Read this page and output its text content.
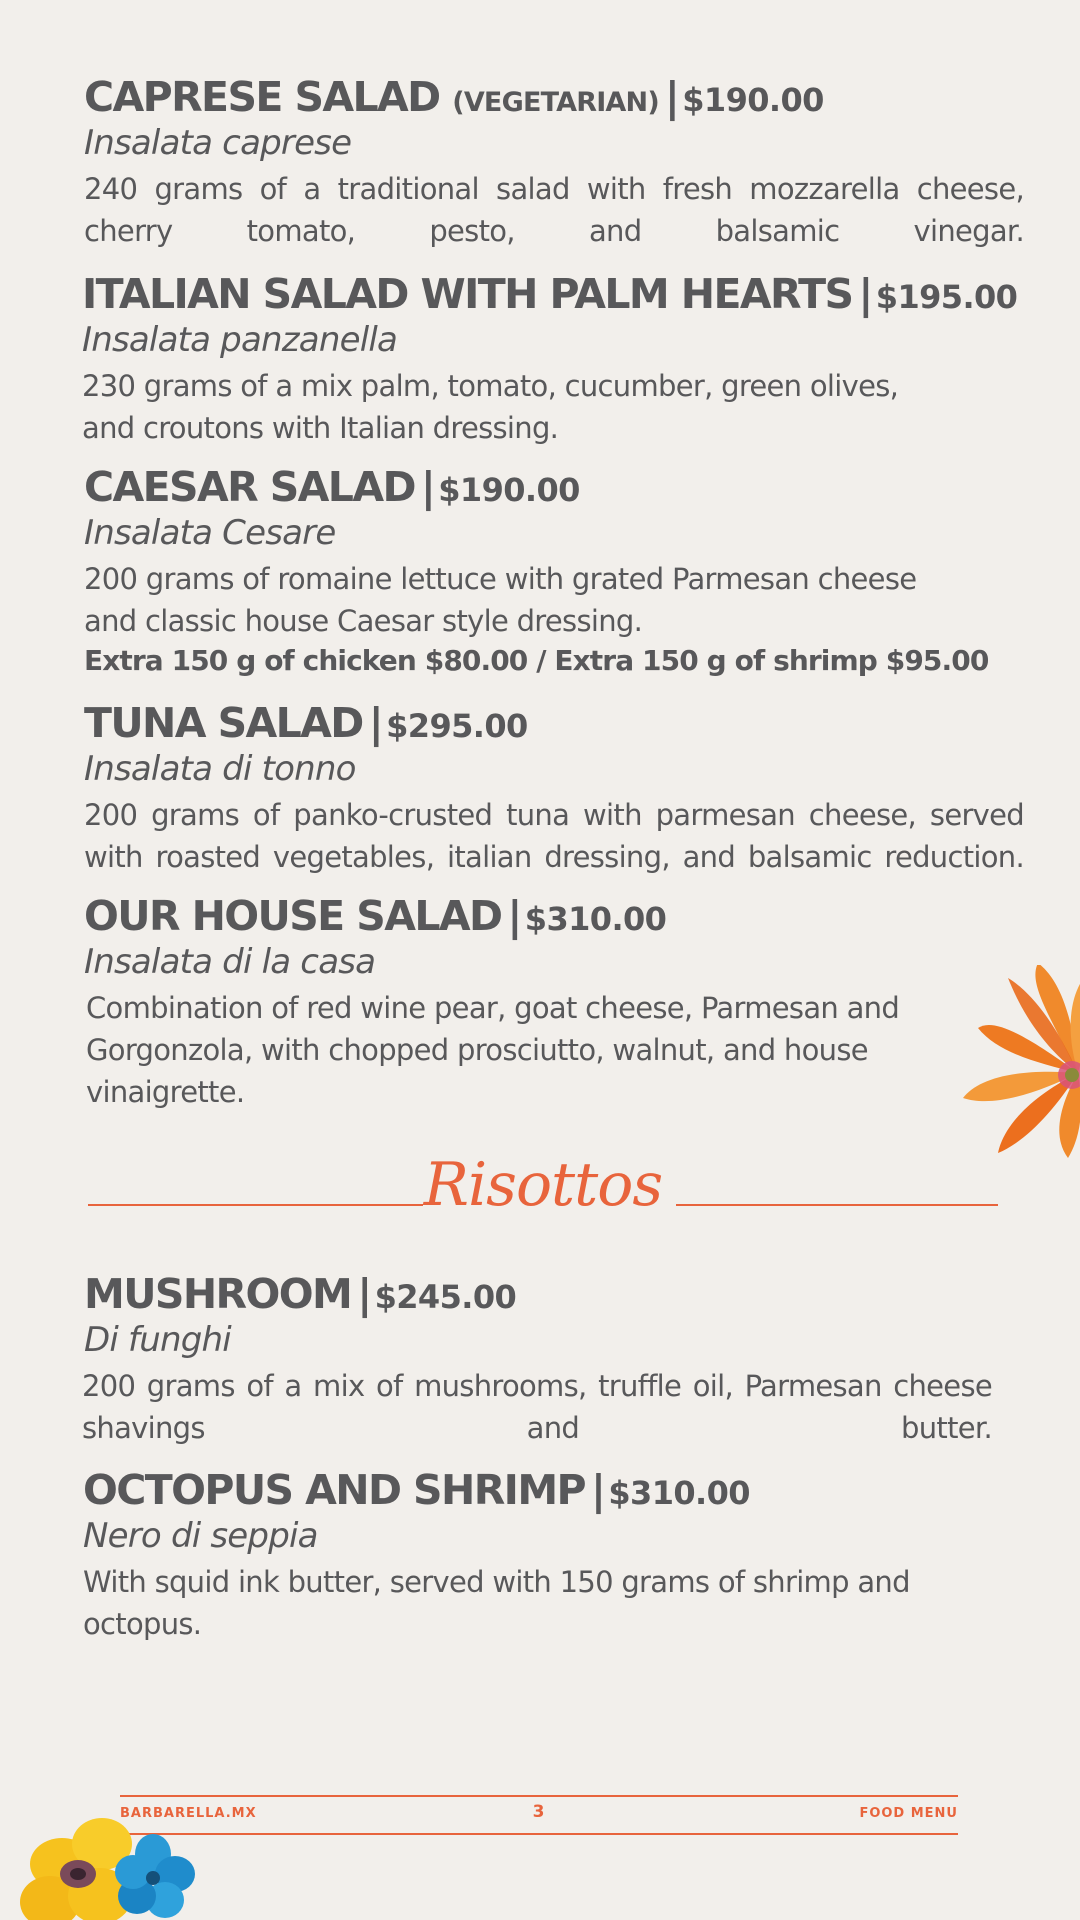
CAPRESE SALAD (VEGETARIAN) | $190.00
Insalata caprese
240 grams of a traditional salad with fresh mozzarella cheese, cherry tomato, pesto, and balsamic vinegar.
ITALIAN SALAD WITH PALM HEARTS | $195.00
Insalata panzanella
230 grams of a mix palm, tomato, cucumber, green olives,
and croutons with Italian dressing.
CAESAR SALAD | $190.00
Insalata Cesare
200 grams of romaine lettuce with grated Parmesan cheese
and classic house Caesar style dressing.
Extra 150 g of chicken $80.00 / Extra 150 g of shrimp $95.00
TUNA SALAD | $295.00
Insalata di tonno
200 grams of panko-crusted tuna with parmesan cheese, served with roasted vegetables, italian dressing, and balsamic reduction.
OUR HOUSE SALAD | $310.00
Insalata di la casa
Combination of red wine pear, goat cheese, Parmesan and
Gorgonzola, with chopped prosciutto, walnut, and house
vinaigrette.
Risottos
MUSHROOM | $245.00
Di funghi
200 grams of a mix of mushrooms, truffle oil, Parmesan cheese shavings and butter.
OCTOPUS AND SHRIMP | $310.00
Nero di seppia
With squid ink butter, served with 150 grams of shrimp and
octopus.
BARBARELLA.MX	3	FOOD MENU
